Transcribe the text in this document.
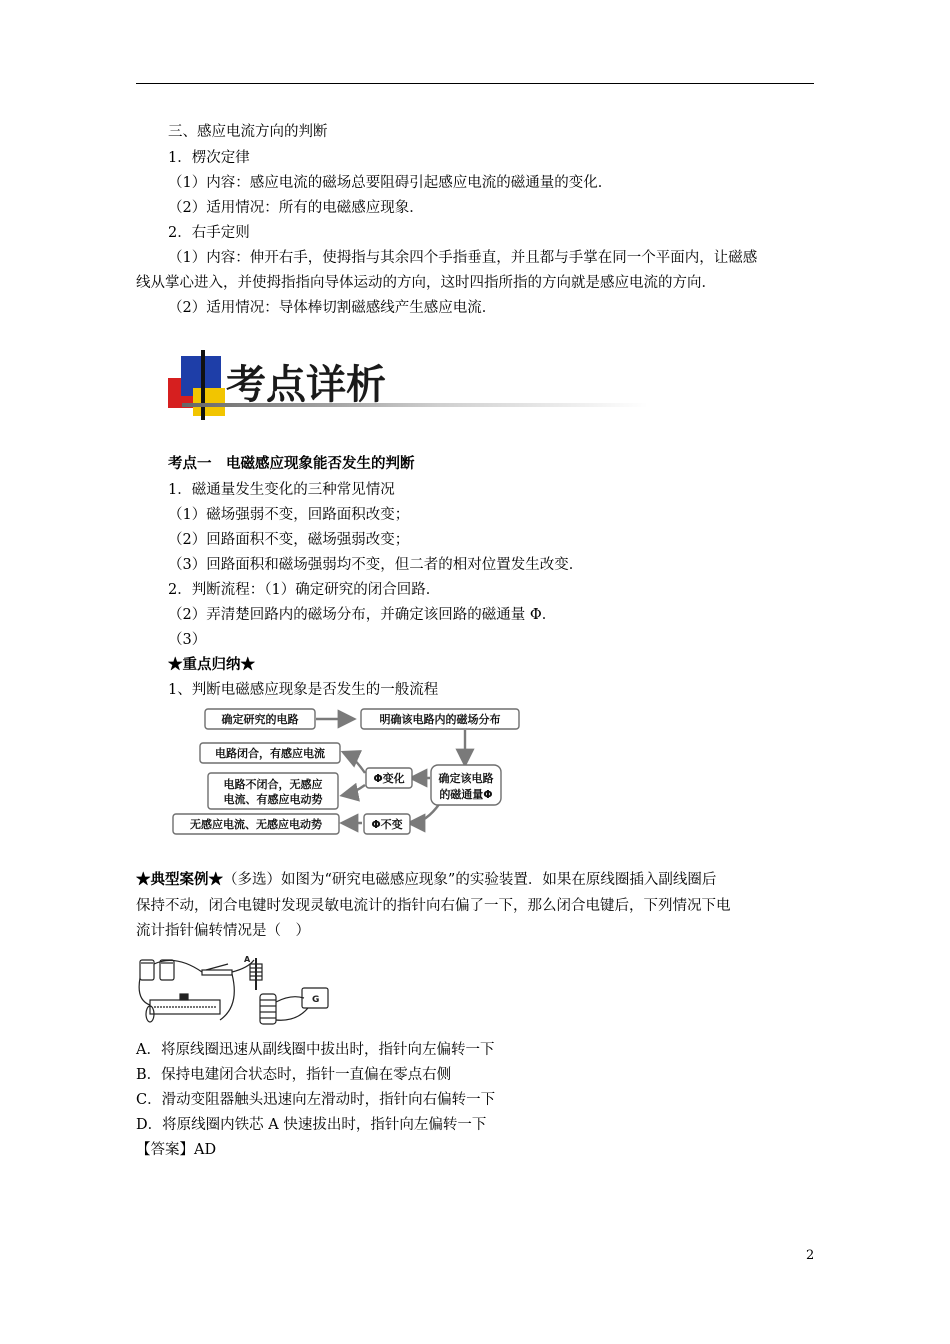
三、感应电流方向的判断
1．楞次定律
（1）内容：感应电流的磁场总要阻碍引起感应电流的磁通量的变化．
（2）适用情况：所有的电磁感应现象．
2．右手定则
（1）内容：伸开右手，使拇指与其余四个手指垂直，并且都与手掌在同一个平面内，让磁感
线从掌心进入，并使拇指指向导体运动的方向，这时四指所指的方向就是感应电流的方向．
（2）适用情况：导体棒切割磁感线产生感应电流．
考点详析
考点一　电磁感应现象能否发生的判断
1．磁通量发生变化的三种常见情况
（1）磁场强弱不变，回路面积改变；
（2）回路面积不变，磁场强弱改变；
（3）回路面积和磁场强弱均不变，但二者的相对位置发生改变．
2．判断流程：（1）确定研究的闭合回路．
（2）弄清楚回路内的磁场分布，并确定该回路的磁通量 Φ．
（3）
★重点归纳★
1、判断电磁感应现象是否发生的一般流程
确定研究的电路	明确该电路内的磁场分布
确定该电路
的磁通量Φ
Φ变化
电路闭合，有感应电流
电路不闭合，无感应
电流、有感应电动势
Φ不变
无感应电流、无感应电动势
★典型案例★（多选）如图为“研究电磁感应现象”的实验装置．如果在原线圈插入副线圈后
保持不动，闭合电键时发现灵敏电流计的指针向右偏了一下，那么闭合电键后，下列情况下电
流计指针偏转情况是（　）
A
G
A．将原线圈迅速从副线圈中拔出时，指针向左偏转一下
B．保持电建闭合状态时，指针一直偏在零点右侧
C．滑动变阻器触头迅速向左滑动时，指针向右偏转一下
D．将原线圈内铁芯 A 快速拔出时，指针向左偏转一下
【答案】AD
2
